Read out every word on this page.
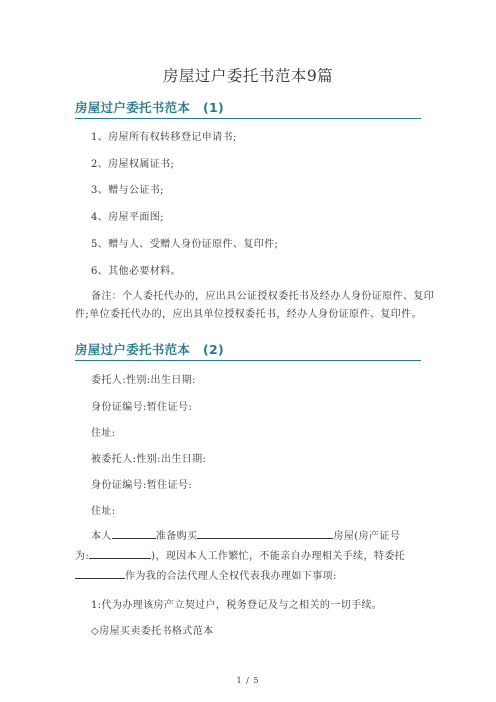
房屋过户委托书范本9篇
房屋过户委托书范本　(1)
1、房屋所有权转移登记申请书;
2、房屋权属证书;
3、赠与公证书;
4、房屋平面图;
5、赠与人、受赠人身份证原件、复印件;
6、其他必要材料。
备注：个人委托代办的，应出具公证授权委托书及经办人身份证原件、复印
件;单位委托代办的，应出具单位授权委托书，经办人身份证原件、复印件。
房屋过户委托书范本　(2)
委托人:性别:出生日期:
身份证编号:暂住证号:
住址:
被委托人:性别:出生日期:
身份证编号:暂住证号:
住址:
本人	准备购买	房屋(房产证号
为:	)，现因本人工作繁忙，不能亲自办理相关手续，特委托
作为我的合法代理人全权代表我办理如下事项:
1:代为办理该房产立契过户，税务登记及与之相关的一切手续。
◇房屋买卖委托书格式范本
1 / 5
